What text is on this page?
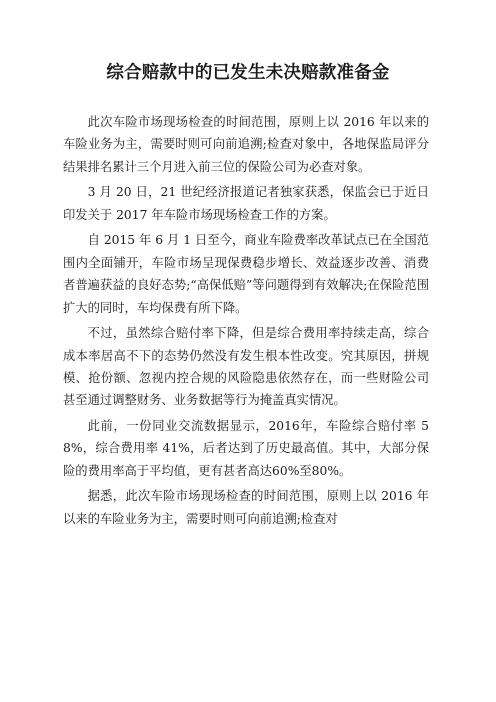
综合赔款中的已发生未决赔款准备金

此次车险市场现场检查的时间范围，原则上以 2016 年以来的车险业务为主，需要时则可向前追溯;检查对象中，各地保监局评分结果排名累计三个月进入前三位的保险公司为必查对象。

3 月 20 日，21 世纪经济报道记者独家获悉，保监会已于近日印发关于 2017 年车险市场现场检查工作的方案。

自 2015 年 6 月 1 日至今，商业车险费率改革试点已在全国范围内全面铺开，车险市场呈现保费稳步增长、效益逐步改善、消费者普遍获益的良好态势;“高保低赔”等问题得到有效解决;在保险范围扩大的同时，车均保费有所下降。

不过，虽然综合赔付率下降，但是综合费用率持续走高，综合成本率居高不下的态势仍然没有发生根本性改变。究其原因，拼规模、抢份额、忽视内控合规的风险隐患依然存在，而一些财险公司甚至通过调整财务、业务数据等行为掩盖真实情况。

此前，一份同业交流数据显示，2016年，车险综合赔付率 58%，综合费用率 41%，后者达到了历史最高值。其中，大部分保险的费用率高于平均值，更有甚者高达60%至80%。

据悉，此次车险市场现场检查的时间范围，原则上以 2016 年以来的车险业务为主，需要时则可向前追溯;检查对
